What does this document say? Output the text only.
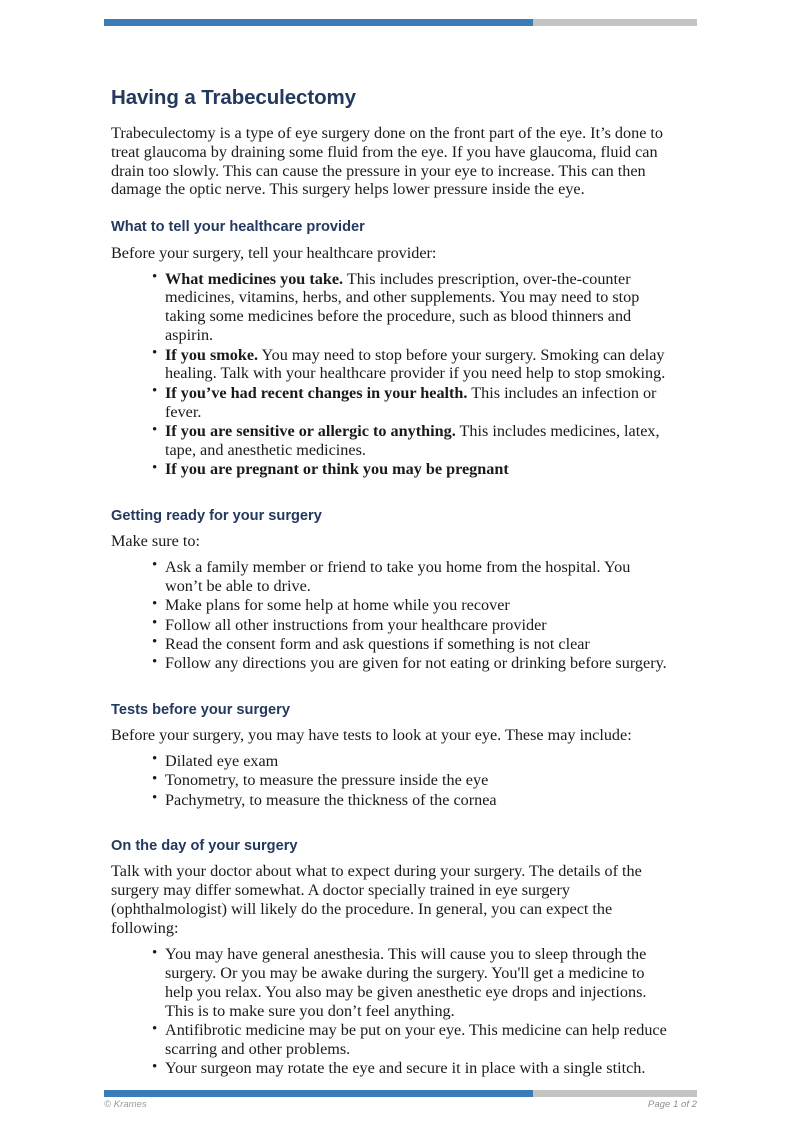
Having a Trabeculectomy

Trabeculectomy is a type of eye surgery done on the front part of the eye. It’s done to treat glaucoma by draining some fluid from the eye. If you have glaucoma, fluid can drain too slowly. This can cause the pressure in your eye to increase. This can then damage the optic nerve. This surgery helps lower pressure inside the eye.

What to tell your healthcare provider

Before your surgery, tell your healthcare provider:

• What medicines you take. This includes prescription, over-the-counter medicines, vitamins, herbs, and other supplements. You may need to stop taking some medicines before the procedure, such as blood thinners and aspirin.
• If you smoke. You may need to stop before your surgery. Smoking can delay healing. Talk with your healthcare provider if you need help to stop smoking.
• If you’ve had recent changes in your health. This includes an infection or fever.
• If you are sensitive or allergic to anything. This includes medicines, latex, tape, and anesthetic medicines.
• If you are pregnant or think you may be pregnant
Getting ready for your surgery

Make sure to:

• Ask a family member or friend to take you home from the hospital. You won’t be able to drive.
• Make plans for some help at home while you recover
• Follow all other instructions from your healthcare provider
• Read the consent form and ask questions if something is not clear
• Follow any directions you are given for not eating or drinking before surgery.
Tests before your surgery

Before your surgery, you may have tests to look at your eye. These may include:

• Dilated eye exam
• Tonometry, to measure the pressure inside the eye
• Pachymetry, to measure the thickness of the cornea
On the day of your surgery

Talk with your doctor about what to expect during your surgery. The details of the surgery may differ somewhat. A doctor specially trained in eye surgery (ophthalmologist) will likely do the procedure. In general, you can expect the following:

• You may have general anesthesia. This will cause you to sleep through the surgery. Or you may be awake during the surgery. You'll get a medicine to help you relax. You also may be given anesthetic eye drops and injections. This is to make sure you don’t feel anything.
• Antifibrotic medicine may be put on your eye. This medicine can help reduce scarring and other problems.
• Your surgeon may rotate the eye and secure it in place with a single stitch.
© Krames	Page 1 of 2
